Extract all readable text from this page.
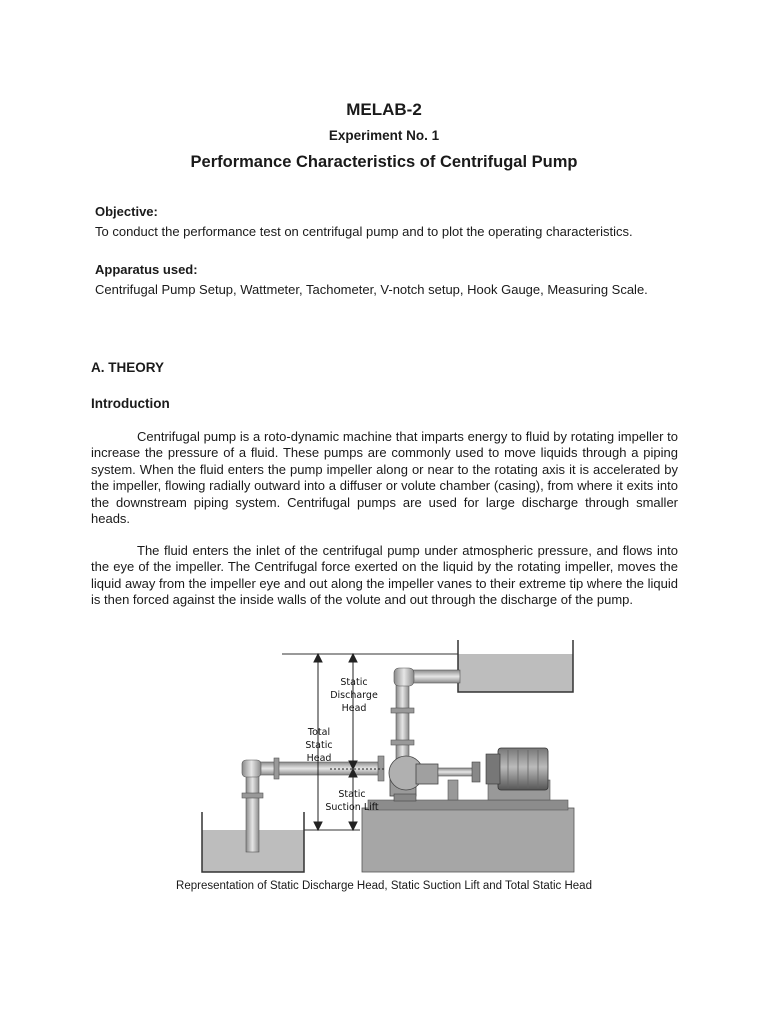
MELAB-2
Experiment No. 1
Performance Characteristics of Centrifugal Pump
Objective:
To conduct the performance test on centrifugal pump and to plot the operating characteristics.
Apparatus used:
Centrifugal Pump Setup, Wattmeter, Tachometer, V-notch setup, Hook Gauge, Measuring Scale.
A. THEORY
Introduction
Centrifugal pump is a roto-dynamic machine that imparts energy to fluid by rotating impeller to increase the pressure of a fluid. These pumps are commonly used to move liquids through a piping system. When the fluid enters the pump impeller along or near to the rotating axis it is accelerated by the impeller, flowing radially outward into a diffuser or volute chamber (casing), from where it exits into the downstream piping system. Centrifugal pumps are used for large discharge through smaller heads.
The fluid enters the inlet of the centrifugal pump under atmospheric pressure, and flows into the eye of the impeller. The Centrifugal force exerted on the liquid by the rotating impeller, moves the liquid away from the impeller eye and out along the impeller vanes to their extreme tip where the liquid is then forced against the inside walls of the volute and out through the discharge of the pump.
Static
Discharge
Head
Total
Static
Head
Static
Suction Lift
Representation of Static Discharge Head, Static Suction Lift and Total Static Head
